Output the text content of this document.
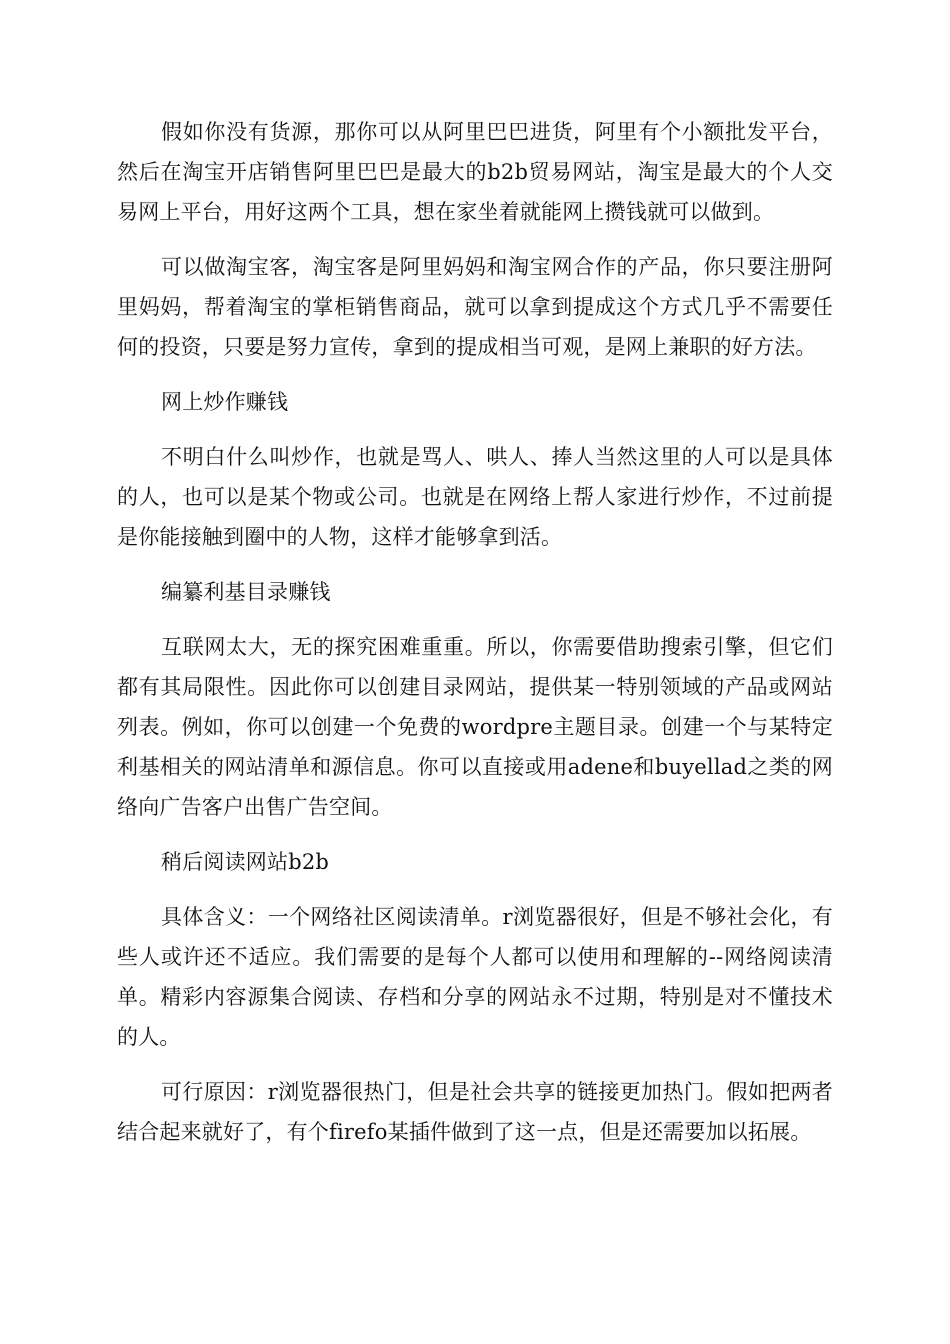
假如你没有货源，那你可以从阿里巴巴进货，阿里有个小额批发平台，然后在淘宝开店销售阿里巴巴是最大的b2b贸易网站，淘宝是最大的个人交易网上平台，用好这两个工具，想在家坐着就能网上攒钱就可以做到。

可以做淘宝客，淘宝客是阿里妈妈和淘宝网合作的产品，你只要注册阿里妈妈，帮着淘宝的掌柜销售商品，就可以拿到提成这个方式几乎不需要任何的投资，只要是努力宣传，拿到的提成相当可观，是网上兼职的好方法。

网上炒作赚钱

不明白什么叫炒作，也就是骂人、哄人、捧人当然这里的人可以是具体的人，也可以是某个物或公司。也就是在网络上帮人家进行炒作，不过前提是你能接触到圈中的人物，这样才能够拿到活。

编纂利基目录赚钱

互联网太大，无的探究困难重重。所以，你需要借助搜索引擎，但它们都有其局限性。因此你可以创建目录网站，提供某一特别领域的产品或网站列表。例如，你可以创建一个免费的wordpre主题目录。创建一个与某特定利基相关的网站清单和源信息。你可以直接或用adene和buyellad之类的网络向广告客户出售广告空间。

稍后阅读网站b2b

具体含义：一个网络社区阅读清单。r浏览器很好，但是不够社会化，有些人或许还不适应。我们需要的是每个人都可以使用和理解的--网络阅读清单。精彩内容源集合阅读、存档和分享的网站永不过期，特别是对不懂技术的人。

可行原因：r浏览器很热门，但是社会共享的链接更加热门。假如把两者结合起来就好了，有个firefo某插件做到了这一点，但是还需要加以拓展。
